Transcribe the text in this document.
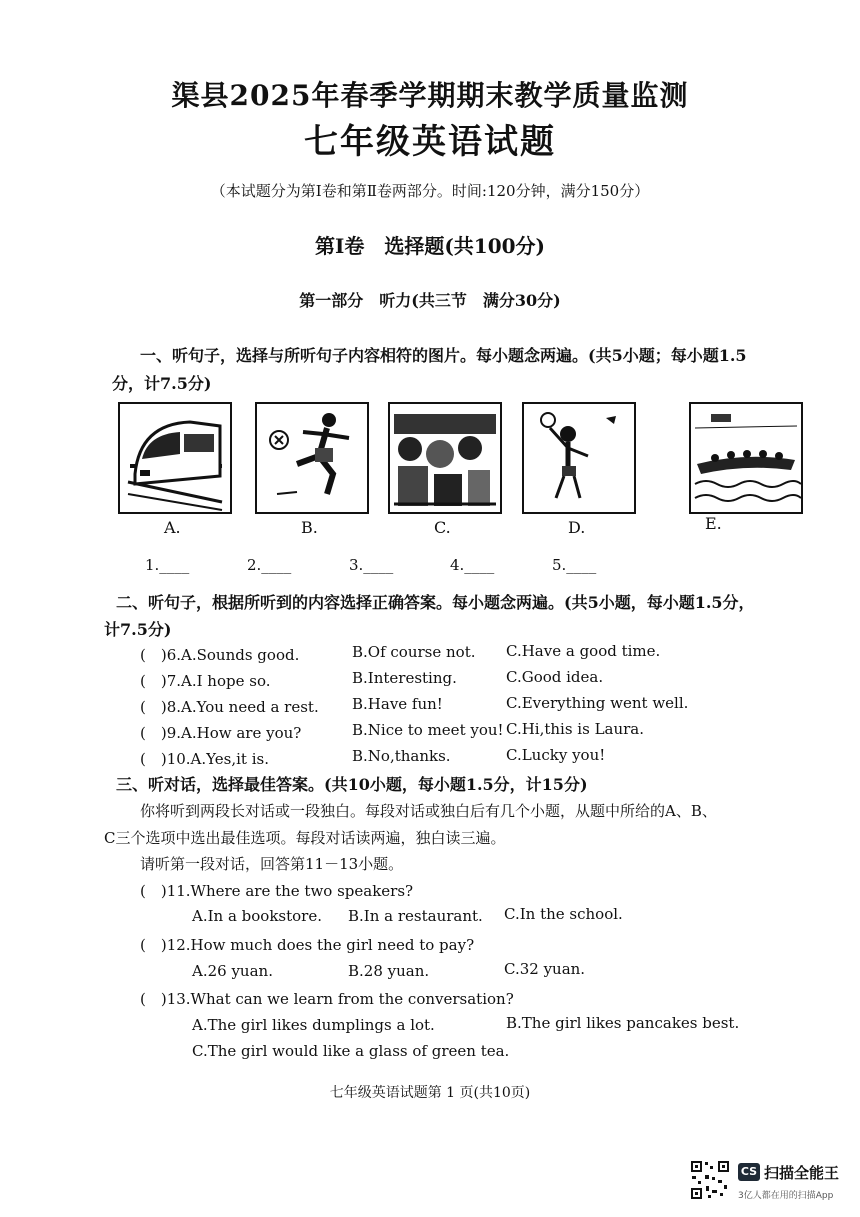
渠县2025年春季学期期末教学质量监测
七年级英语试题
（本试题分为第Ⅰ卷和第Ⅱ卷两部分。时间:120分钟，满分150分）
第Ⅰ卷　选择题(共100分)
第一部分　听力(共三节　满分30分)
一、听句子，选择与所听句子内容相符的图片。每小题念两遍。(共5小题；每小题1.5
分，计7.5分)
A.	B.	C.	D.	E.
1.____	2.____	3.____	4.____	5.____
二、听句子，根据所听到的内容选择正确答案。每小题念两遍。(共5小题，每小题1.5分，
计7.5分)
(　)6.A.Sounds good.	B.Of course not. C.Have a good time.
(　)7.A.I hope so.	B.Interesting.	C.Good idea.
(　)8.A.You need a rest. B.Have fun!	C.Everything went well.
(　)9.A.How are you?	B.Nice to meet you! C.Hi,this is Laura.
(　)10.A.Yes,it is.	B.No,thanks.	C.Lucky you!
三、听对话，选择最佳答案。(共10小题，每小题1.5分，计15分)
你将听到两段长对话或一段独白。每段对话或独白后有几个小题，从题中所给的A、B、
C三个选项中选出最佳选项。每段对话读两遍，独白读三遍。
请听第一段对话，回答第11－13小题。
(　)11.Where are the two speakers?
A.In a bookstore. B.In a restaurant. C.In the school.
(　)12.How much does the girl need to pay?
A.26 yuan.	B.28 yuan.	C.32 yuan.
(　)13.What can we learn from the conversation?
A.The girl likes dumplings a lot.	B.The girl likes pancakes best.
C.The girl would like a glass of green tea.
七年级英语试题第 1 页(共10页)
CS 扫描全能王
3亿人都在用的扫描App
